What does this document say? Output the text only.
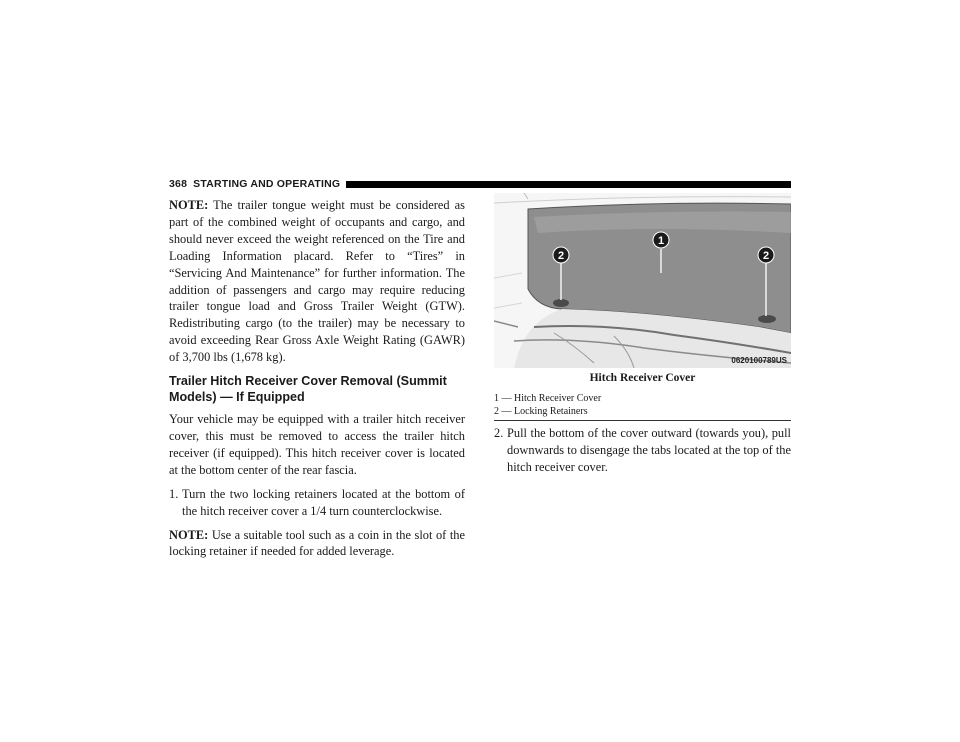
368 STARTING AND OPERATING

NOTE: The trailer tongue weight must be considered as part of the combined weight of occupants and cargo, and should never exceed the weight referenced on the Tire and Loading Information placard. Refer to “Tires” in “Servicing And Maintenance” for further information. The addition of passengers and cargo may require reducing trailer tongue load and Gross Trailer Weight (GTW). Redistributing cargo (to the trailer) may be necessary to avoid exceeding Rear Gross Axle Weight Rating (GAWR) of 3,700 lbs (1,678 kg).

Trailer Hitch Receiver Cover Removal (Summit Models) — If Equipped

Your vehicle may be equipped with a trailer hitch receiver cover, this must be removed to access the trailer hitch receiver (if equipped). This hitch receiver cover is located at the bottom center of the rear fascia.

1. Turn the two locking retainers located at the bottom of the hitch receiver cover a 1/4 turn counterclockwise.

NOTE: Use a suitable tool such as a coin in the slot of the locking retainer if needed for added leverage.

1
2	2
0620100789US
Hitch Receiver Cover
1 — Hitch Receiver Cover
2 — Locking Retainers
2. Pull the bottom of the cover outward (towards you), pull downwards to disengage the tabs located at the top of the hitch receiver cover.
